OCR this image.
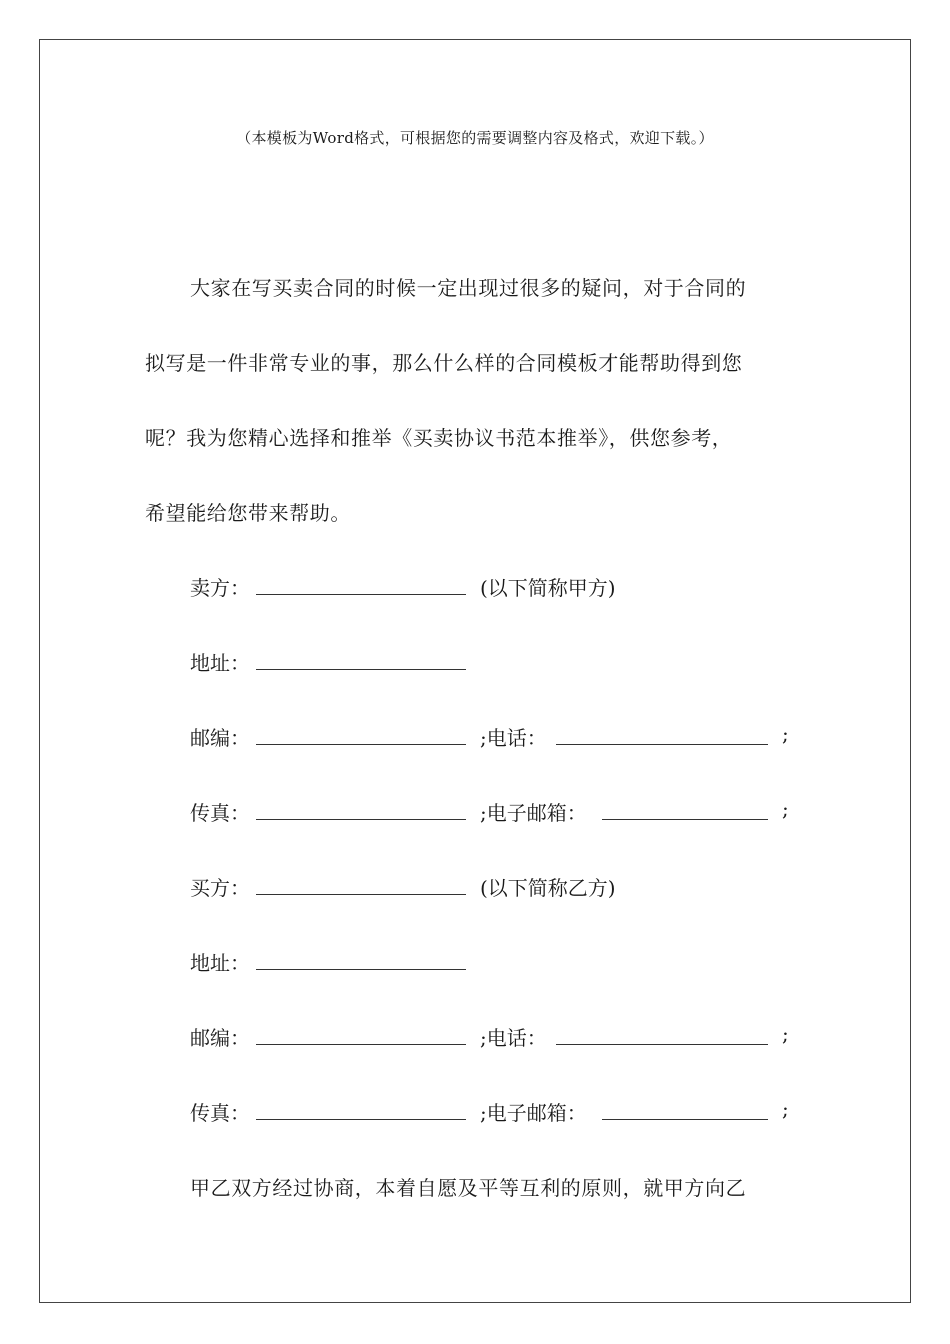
（本模板为Word格式，可根据您的需要调整内容及格式，欢迎下载。）
大家在写买卖合同的时候一定出现过很多的疑问，对于合同的
拟写是一件非常专业的事，那么什么样的合同模板才能帮助得到您
呢？我为您精心选择和推举《买卖协议书范本推举》，供您参考，
希望能给您带来帮助。
卖方：	(以下简称甲方)
地址：
邮编：	;电话：	;
传真：	;电子邮箱：	;
买方：	(以下简称乙方)
地址：
邮编：	;电话：	;
传真：	;电子邮箱：	;
甲乙双方经过协商，本着自愿及平等互利的原则，就甲方向乙
